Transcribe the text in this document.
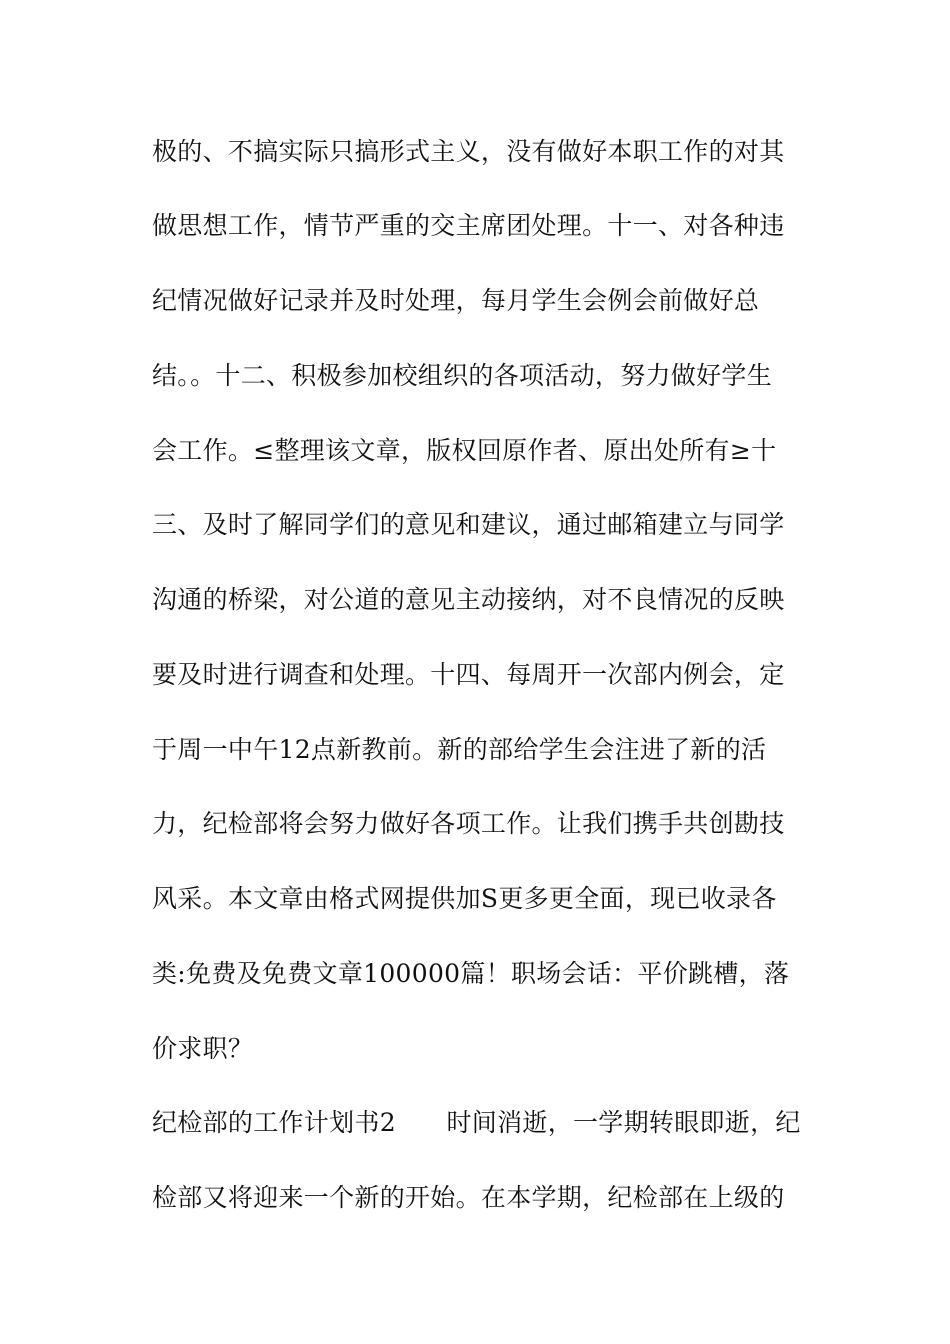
极的、不搞实际只搞形式主义，没有做好本职工作的对其
做思想工作，情节严重的交主席团处理。十一、对各种违
纪情况做好记录并及时处理，每月学生会例会前做好总
结。。十二、积极参加校组织的各项活动，努力做好学生
会工作。≤整理该文章，版权回原作者、原出处所有≥十
三、及时了解同学们的意见和建议，通过邮箱建立与同学
沟通的桥梁，对公道的意见主动接纳，对不良情况的反映
要及时进行调查和处理。十四、每周开一次部内例会，定
于周一中午12点新教前。新的部给学生会注进了新的活
力，纪检部将会努力做好各项工作。让我们携手共创勘技
风采。本文章由格式网提供加S更多更全面，现已收录各
类:免费及免费文章100000篇！职场会话：平价跳槽，落
价求职？
纪检部的工作计划书2　　时间消逝，一学期转眼即逝，纪
检部又将迎来一个新的开始。在本学期，纪检部在上级的
